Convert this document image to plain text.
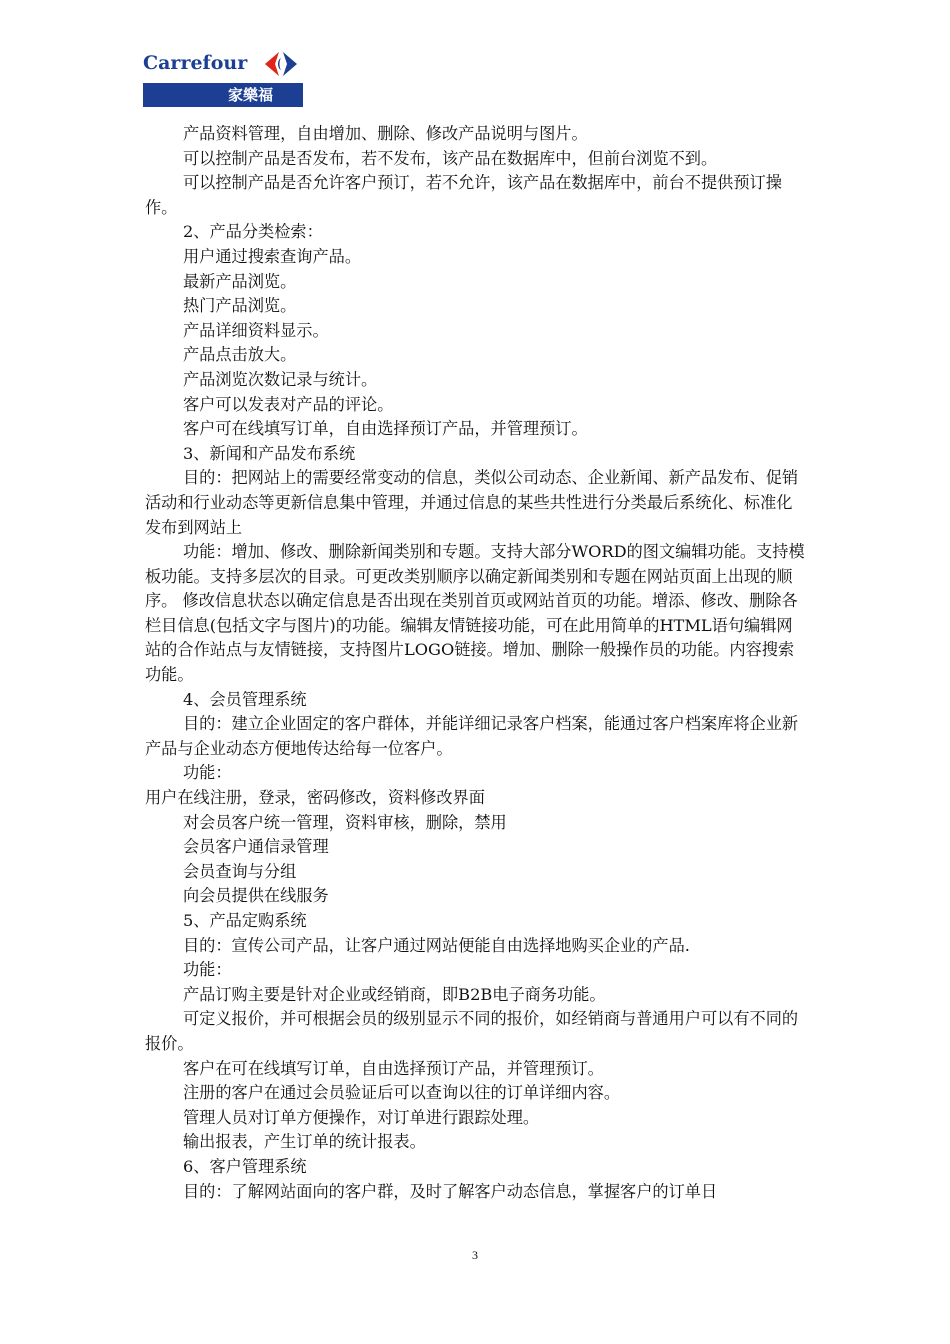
Carrefour
家樂福

产品资料管理，自由增加、删除、修改产品说明与图片。

可以控制产品是否发布，若不发布，该产品在数据库中，但前台浏览不到。

可以控制产品是否允许客户预订，若不允许，该产品在数据库中，前台不提供预订操作。

2、产品分类检索：

用户通过搜索查询产品。

最新产品浏览。

热门产品浏览。

产品详细资料显示。

产品点击放大。

产品浏览次数记录与统计。

客户可以发表对产品的评论。

客户可在线填写订单，自由选择预订产品，并管理预订。

3、新闻和产品发布系统

目的：把网站上的需要经常变动的信息，类似公司动态、企业新闻、新产品发布、促销活动和行业动态等更新信息集中管理，并通过信息的某些共性进行分类最后系统化、标准化发布到网站上

功能：增加、修改、删除新闻类别和专题。支持大部分WORD的图文编辑功能。支持模板功能。支持多层次的目录。可更改类别顺序以确定新闻类别和专题在网站页面上出现的顺序。 修改信息状态以确定信息是否出现在类别首页或网站首页的功能。增添、修改、删除各栏目信息(包括文字与图片)的功能。编辑友情链接功能，可在此用简单的HTML语句编辑网站的合作站点与友情链接，支持图片LOGO链接。增加、删除一般操作员的功能。内容搜索功能。

4、会员管理系统

目的：建立企业固定的客户群体，并能详细记录客户档案，能通过客户档案库将企业新产品与企业动态方便地传达给每一位客户。

功能：

用户在线注册，登录，密码修改，资料修改界面

对会员客户统一管理，资料审核，删除，禁用

会员客户通信录管理

会员查询与分组

向会员提供在线服务

5、产品定购系统

目的：宣传公司产品，让客户通过网站便能自由选择地购买企业的产品.

功能：

产品订购主要是针对企业或经销商，即B2B电子商务功能。

可定义报价，并可根据会员的级别显示不同的报价，如经销商与普通用户可以有不同的报价。

客户在可在线填写订单，自由选择预订产品，并管理预订。

注册的客户在通过会员验证后可以查询以往的订单详细内容。

管理人员对订单方便操作，对订单进行跟踪处理。

输出报表，产生订单的统计报表。

6、客户管理系统

目的：了解网站面向的客户群，及时了解客户动态信息，掌握客户的订单日

3
